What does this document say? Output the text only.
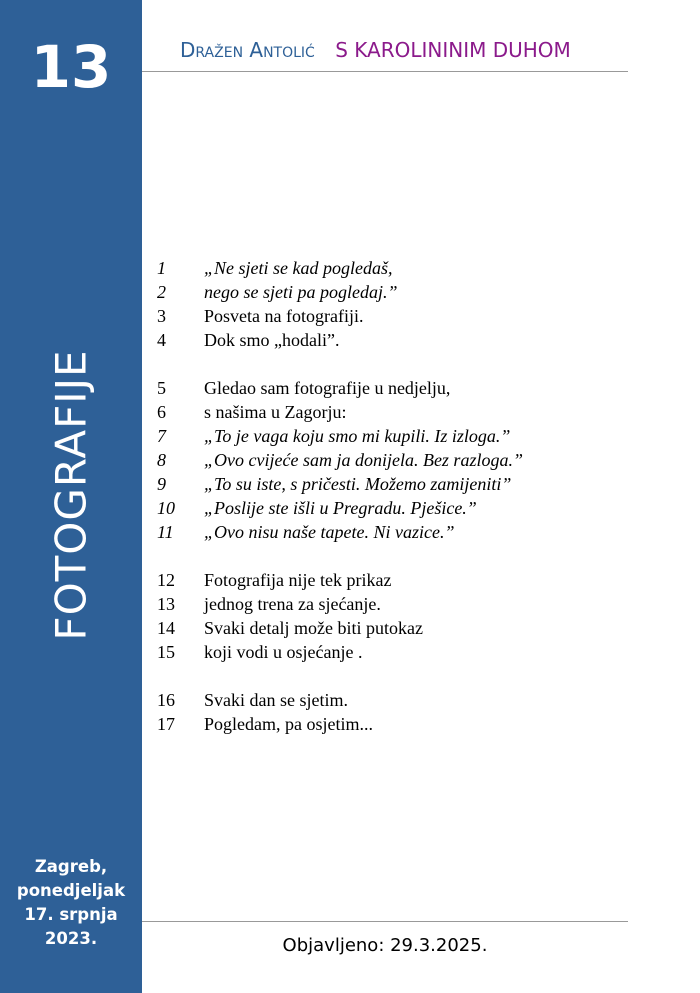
13
FOTOGRAFIJE
Zagreb,
ponedjeljak
17. srpnja
2023.
Dražen Antolić S KAROLININIM DUHOM
1	„Ne sjeti se kad pogledaš,
2	nego se sjeti pa pogledaj.”
3	Posveta na fotografiji.
4	Dok smo „hodali”.
5	Gledao sam fotografije u nedjelju,
6	s našima u Zagorju:
7	„To je vaga koju smo mi kupili. Iz izloga.”
8	„Ovo cvijeće sam ja donijela. Bez razloga.”
9	„To su iste, s pričesti. Možemo zamijeniti”
10	„Poslije ste išli u Pregradu. Pješice.”
11	„Ovo nisu naše tapete. Ni vazice.”
12	Fotografija nije tek prikaz
13	jednog trena za sjećanje.
14	Svaki detalj može biti putokaz
15	koji vodi u osjećanje .
16	Svaki dan se sjetim.
17	Pogledam, pa osjetim...
Objavljeno: 29.3.2025.
